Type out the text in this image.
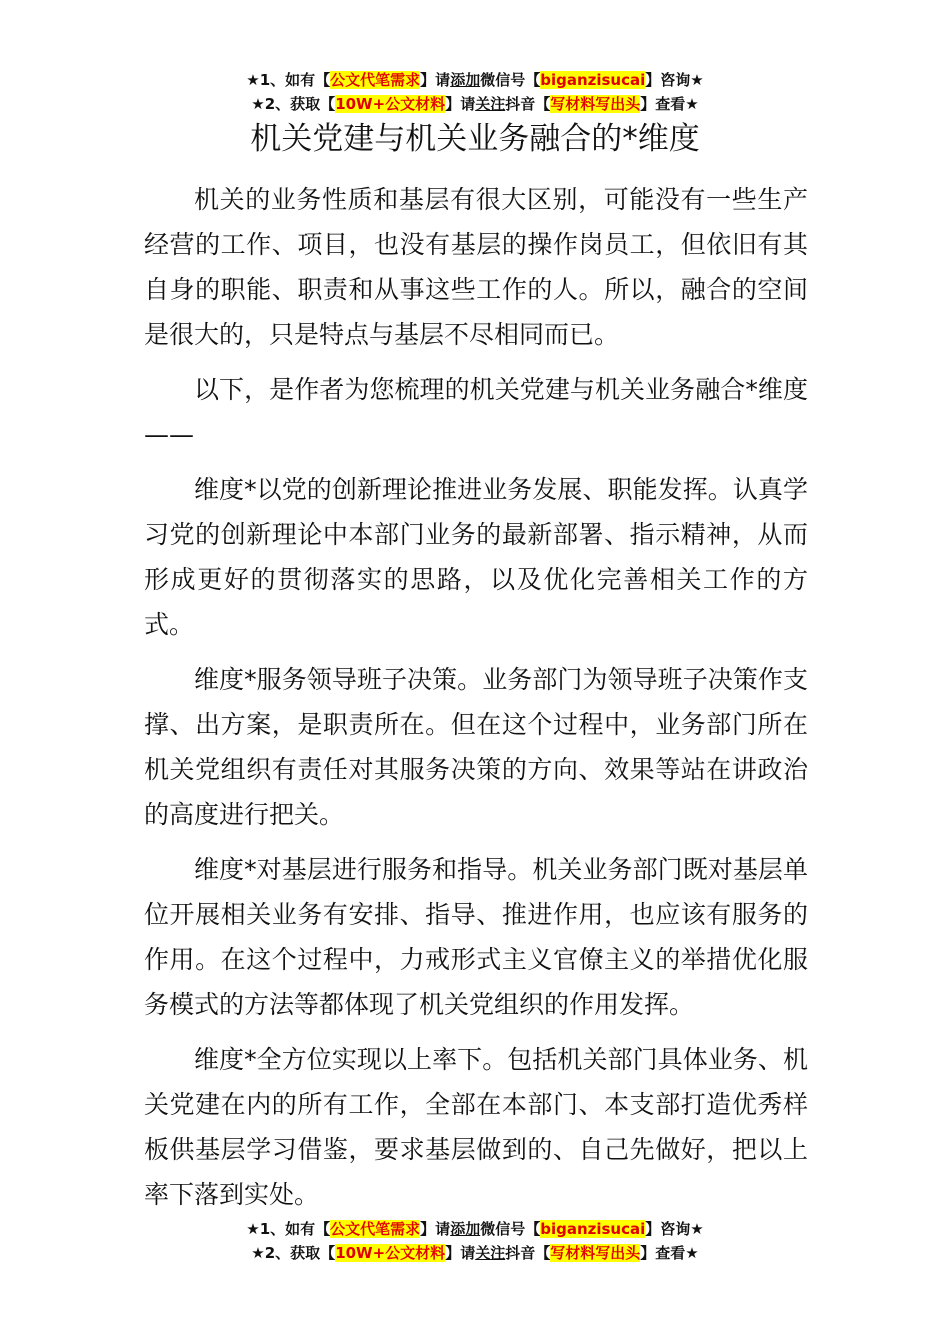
★1、如有【公文代笔需求】请添加微信号【biganzisucai】咨询★
★2、获取【10W+公文材料】请关注抖音【写材料写出头】查看★
机关党建与机关业务融合的*维度

机关的业务性质和基层有很大区别，可能没有一些生产经营的工作、项目，也没有基层的操作岗员工，但依旧有其自身的职能、职责和从事这些工作的人。所以，融合的空间是很大的，只是特点与基层不尽相同而已。

以下，是作者为您梳理的机关党建与机关业务融合*维度——

维度*以党的创新理论推进业务发展、职能发挥。认真学习党的创新理论中本部门业务的最新部署、指示精神，从而形成更好的贯彻落实的思路，以及优化完善相关工作的方式。

维度*服务领导班子决策。业务部门为领导班子决策作支撑、出方案，是职责所在。但在这个过程中，业务部门所在机关党组织有责任对其服务决策的方向、效果等站在讲政治的高度进行把关。

维度*对基层进行服务和指导。机关业务部门既对基层单位开展相关业务有安排、指导、推进作用，也应该有服务的作用。在这个过程中，力戒形式主义官僚主义的举措优化服务模式的方法等都体现了机关党组织的作用发挥。

维度*全方位实现以上率下。包括机关部门具体业务、机关党建在内的所有工作，全部在本部门、本支部打造优秀样板供基层学习借鉴，要求基层做到的、自己先做好，把以上率下落到实处。

★1、如有【公文代笔需求】请添加微信号【biganzisucai】咨询★
★2、获取【10W+公文材料】请关注抖音【写材料写出头】查看★
